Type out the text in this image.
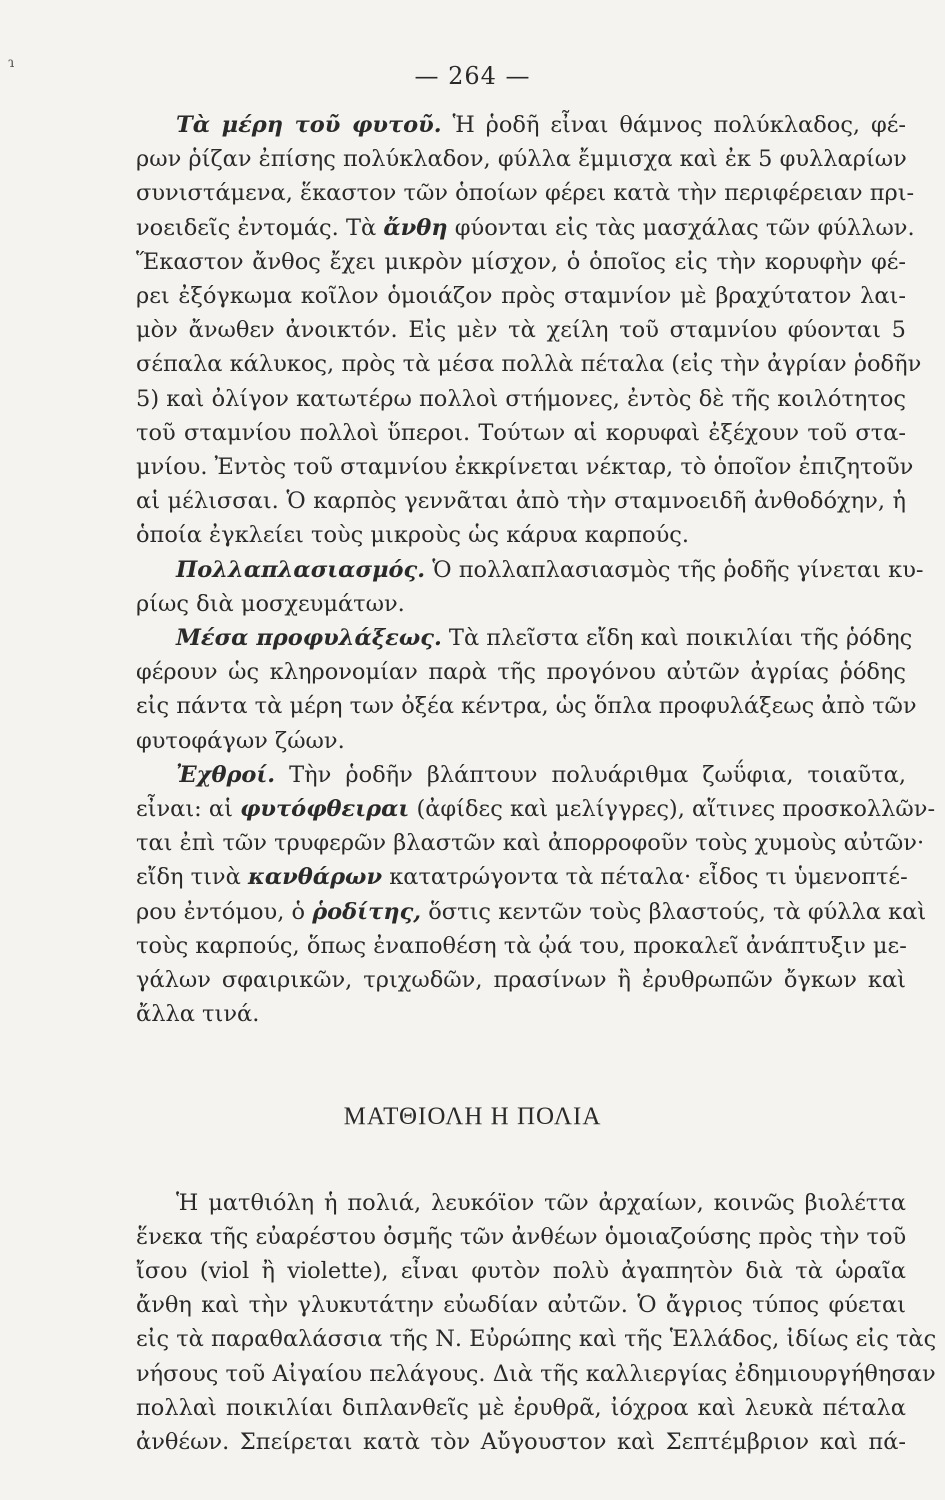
ɿ	— 264 —

Τὰ μέρη τοῦ φυτοῦ. Ἡ ῥοδῆ εἶναι θάμνος πολύκλαδος, φέ-
ρων ῥίζαν ἐπίσης πολύκλαδον, φύλλα ἔμμισχα καὶ ἐκ 5 φυλλαρίων
συνιστάμενα, ἕκαστον τῶν ὁποίων φέρει κατὰ τὴν περιφέρειαν πρι-
νοειδεῖς ἐντομάς. Τὰ ἄνθη φύονται εἰς τὰς μασχάλας τῶν φύλλων.
Ἕκαστον ἄνθος ἔχει μικρὸν μίσχον, ὁ ὁποῖος εἰς τὴν κορυφὴν φέ-
ρει ἐξόγκωμα κοῖλον ὁμοιάζον πρὸς σταμνίον μὲ βραχύτατον λαι-
μὸν ἄνωθεν ἀνοικτόν. Εἰς μὲν τὰ χείλη τοῦ σταμνίου φύονται 5
σέπαλα κάλυκος, πρὸς τὰ μέσα πολλὰ πέταλα (εἰς τὴν ἀγρίαν ῥοδῆν
5) καὶ ὀλίγον κατωτέρω πολλοὶ στήμονες, ἐντὸς δὲ τῆς κοιλότητος
τοῦ σταμνίου πολλοὶ ὕπεροι. Τούτων αἱ κορυφαὶ ἐξέχουν τοῦ στα-
μνίου. Ἐντὸς τοῦ σταμνίου ἐκκρίνεται νέκταρ, τὸ ὁποῖον ἐπιζητοῦν
αἱ μέλισσαι. Ὁ καρπὸς γεννᾶται ἀπὸ τὴν σταμνοειδῆ ἀνθοδόχην, ἡ
ὁποία ἐγκλείει τοὺς μικροὺς ὡς κάρυα καρπούς.

Πολλαπλασιασμός. Ὁ πολλαπλασιασμὸς τῆς ῥοδῆς γίνεται κυ-
ρίως διὰ μοσχευμάτων.

Μέσα προφυλάξεως. Τὰ πλεῖστα εἴδη καὶ ποικιλίαι τῆς ῥόδης
φέρουν ὡς κληρονομίαν παρὰ τῆς προγόνου αὐτῶν ἀγρίας ῥόδης
εἰς πάντα τὰ μέρη των ὀξέα κέντρα, ὡς ὅπλα προφυλάξεως ἀπὸ τῶν
φυτοφάγων ζώων.

Ἐχθροί. Τὴν ῥοδῆν βλάπτουν πολυάριθμα ζωΰφια, τοιαῦτα,
εἶναι: αἱ φυτόφθειραι (ἀφίδες καὶ μελίγγρες), αἵτινες προσκολλῶν-
ται ἐπὶ τῶν τρυφερῶν βλαστῶν καὶ ἀπορροφοῦν τοὺς χυμοὺς αὐτῶν·
εἴδη τινὰ κανθάρων κατατρώγοντα τὰ πέταλα· εἶδος τι ὑμενοπτέ-
ρου ἐντόμου, ὁ ῥοδίτης, ὅστις κεντῶν τοὺς βλαστούς, τὰ φύλλα καὶ
τοὺς καρπούς, ὅπως ἐναποθέση τὰ ᾠά του, προκαλεῖ ἀνάπτυξιν με-
γάλων σφαιρικῶν, τριχωδῶν, πρασίνων ἢ ἐρυθρωπῶν ὄγκων καὶ
ἄλλα τινά.

ΜΑΤΘΙΟΛΗ Η ΠΟΛΙΑ

Ἡ ματθιόλη ἡ πολιά, λευκόϊον τῶν ἀρχαίων, κοινῶς βιολέττα
ἕνεκα τῆς εὐαρέστου ὀσμῆς τῶν ἀνθέων ὁμοιαζούσης πρὸς τὴν τοῦ
ἴσου (viol ἢ violette), εἶναι φυτὸν πολὺ ἀγαπητὸν διὰ τὰ ὡραῖα
ἄνθη καὶ τὴν γλυκυτάτην εὐωδίαν αὐτῶν. Ὁ ἄγριος τύπος φύεται
εἰς τὰ παραθαλάσσια τῆς Ν. Εὐρώπης καὶ τῆς Ἑλλάδος, ἰδίως εἰς τὰς
νήσους τοῦ Αἰγαίου πελάγους. Διὰ τῆς καλλιεργίας ἐδημιουργήθησαν
πολλαὶ ποικιλίαι διπλανθεῖς μὲ ἐρυθρᾶ, ἰόχροα καὶ λευκὰ πέταλα
ἀνθέων. Σπείρεται κατὰ τὸν Αὔγουστον καὶ Σεπτέμβριον καὶ πά-
